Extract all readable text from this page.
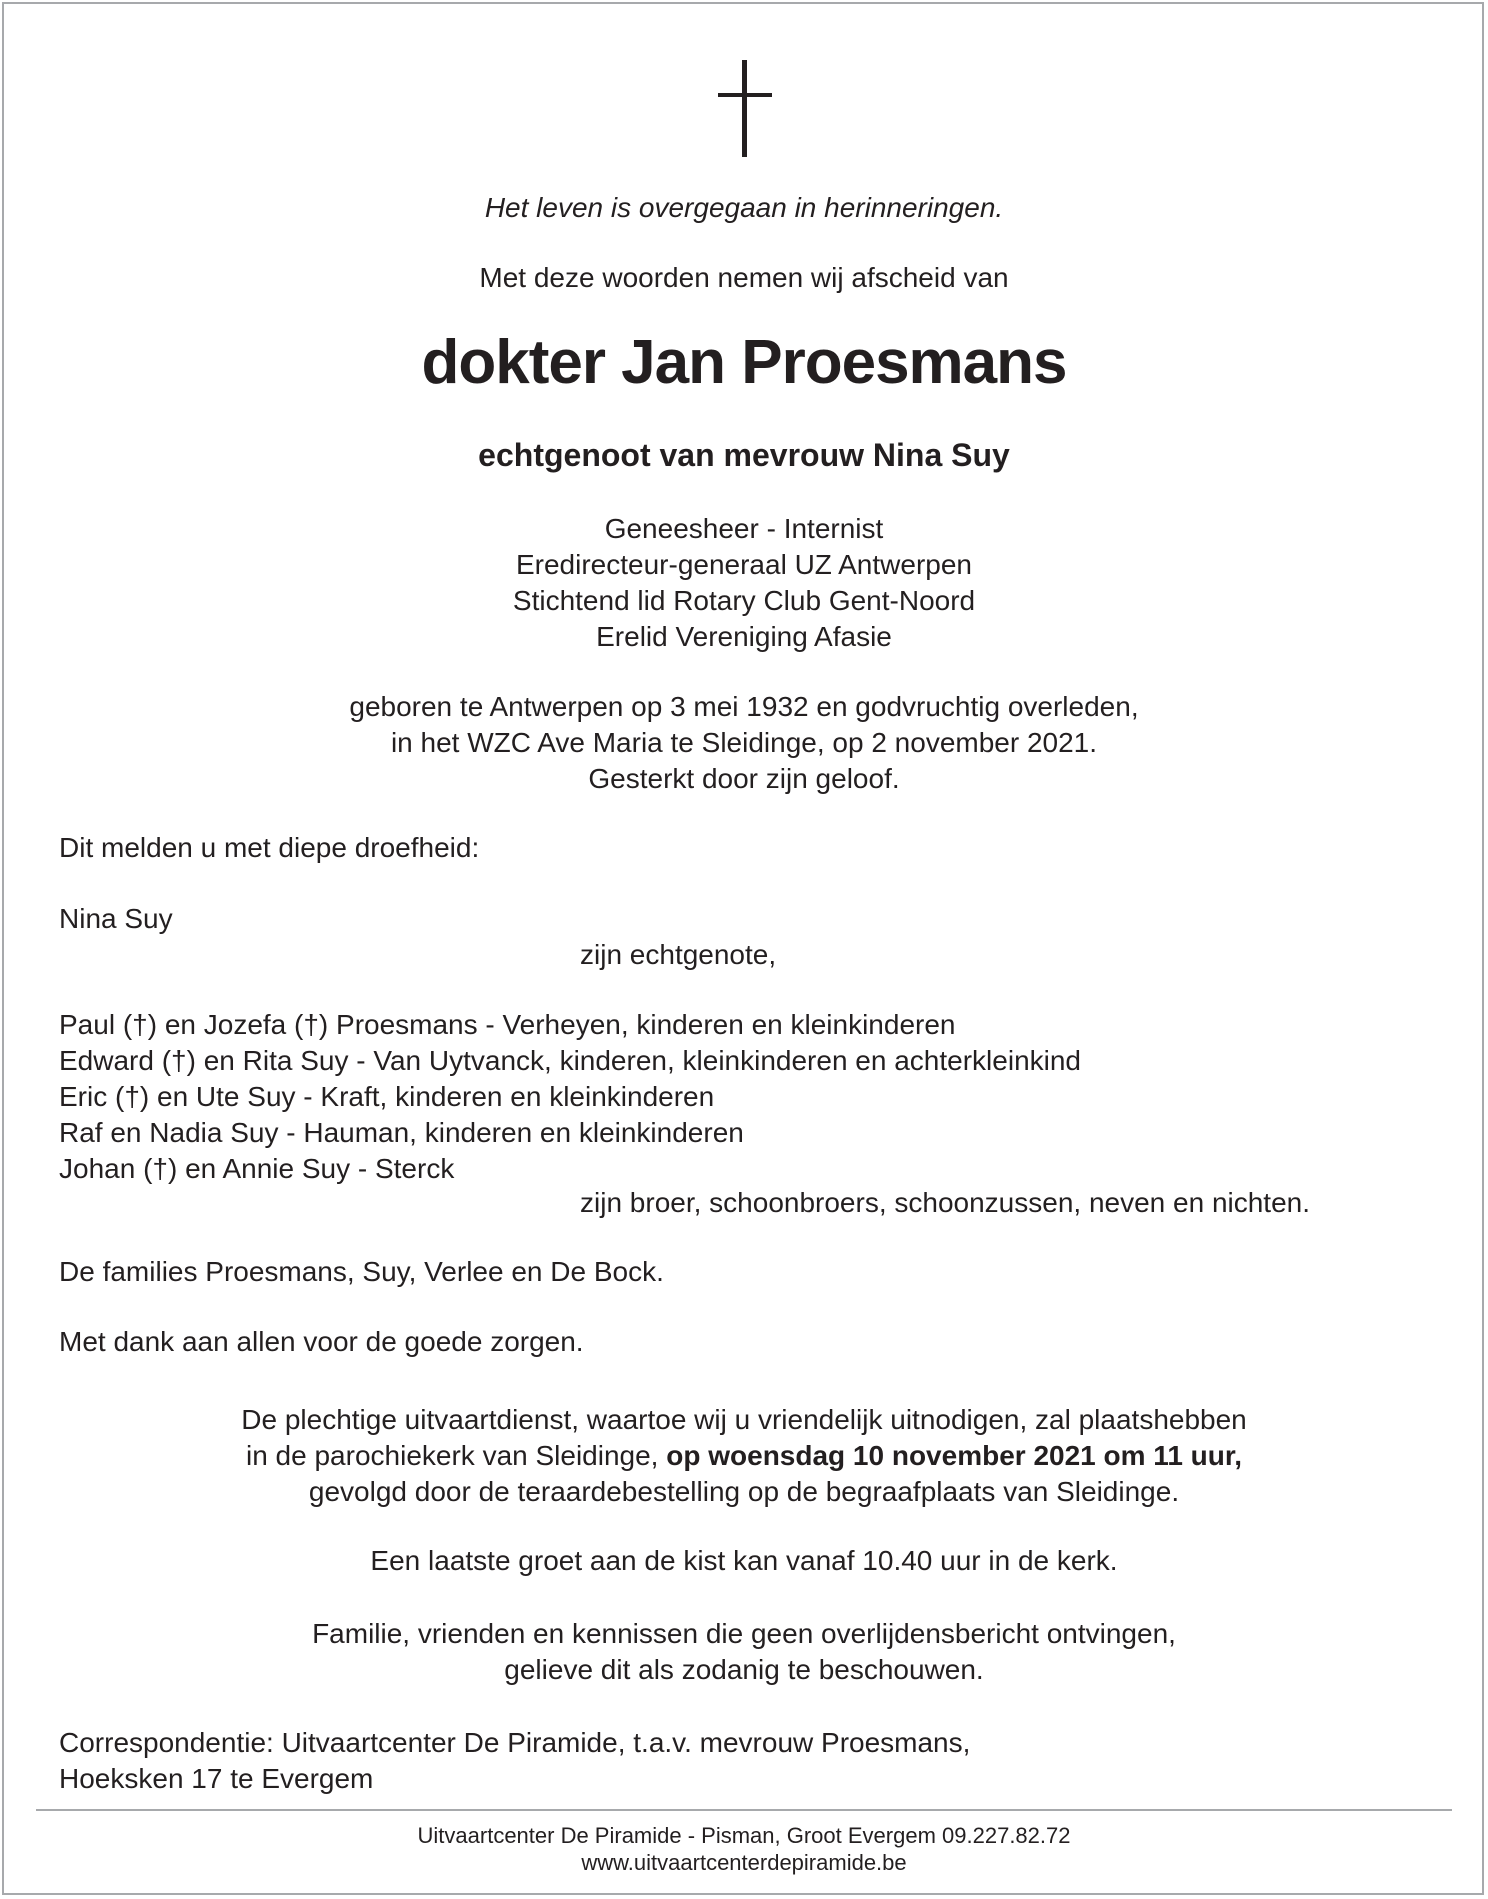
Het leven is overgegaan in herinneringen.
Met deze woorden nemen wij afscheid van
dokter Jan Proesmans
echtgenoot van mevrouw Nina Suy
Geneesheer - Internist
Eredirecteur-generaal UZ Antwerpen
Stichtend lid Rotary Club Gent-Noord
Erelid Vereniging Afasie
geboren te Antwerpen op 3 mei 1932 en godvruchtig overleden,
in het WZC Ave Maria te Sleidinge, op 2 november 2021.
Gesterkt door zijn geloof.
Dit melden u met diepe droefheid:
Nina Suy
zijn echtgenote,
Paul (†) en Jozefa (†) Proesmans - Verheyen, kinderen en kleinkinderen
Edward (†) en Rita Suy - Van Uytvanck, kinderen, kleinkinderen en achterkleinkind
Eric (†) en Ute Suy - Kraft, kinderen en kleinkinderen
Raf en Nadia Suy - Hauman, kinderen en kleinkinderen
Johan (†) en Annie Suy - Sterck
zijn broer, schoonbroers, schoonzussen, neven en nichten.
De families Proesmans, Suy, Verlee en De Bock.
Met dank aan allen voor de goede zorgen.
De plechtige uitvaartdienst, waartoe wij u vriendelijk uitnodigen, zal plaatshebben
in de parochiekerk van Sleidinge, op woensdag 10 november 2021 om 11 uur,
gevolgd door de teraardebestelling op de begraafplaats van Sleidinge.
Een laatste groet aan de kist kan vanaf 10.40 uur in de kerk.
Familie, vrienden en kennissen die geen overlijdensbericht ontvingen,
gelieve dit als zodanig te beschouwen.
Correspondentie: Uitvaartcenter De Piramide, t.a.v. mevrouw Proesmans,
Hoeksken 17 te Evergem
Uitvaartcenter De Piramide - Pisman, Groot Evergem 09.227.82.72
www.uitvaartcenterdepiramide.be
